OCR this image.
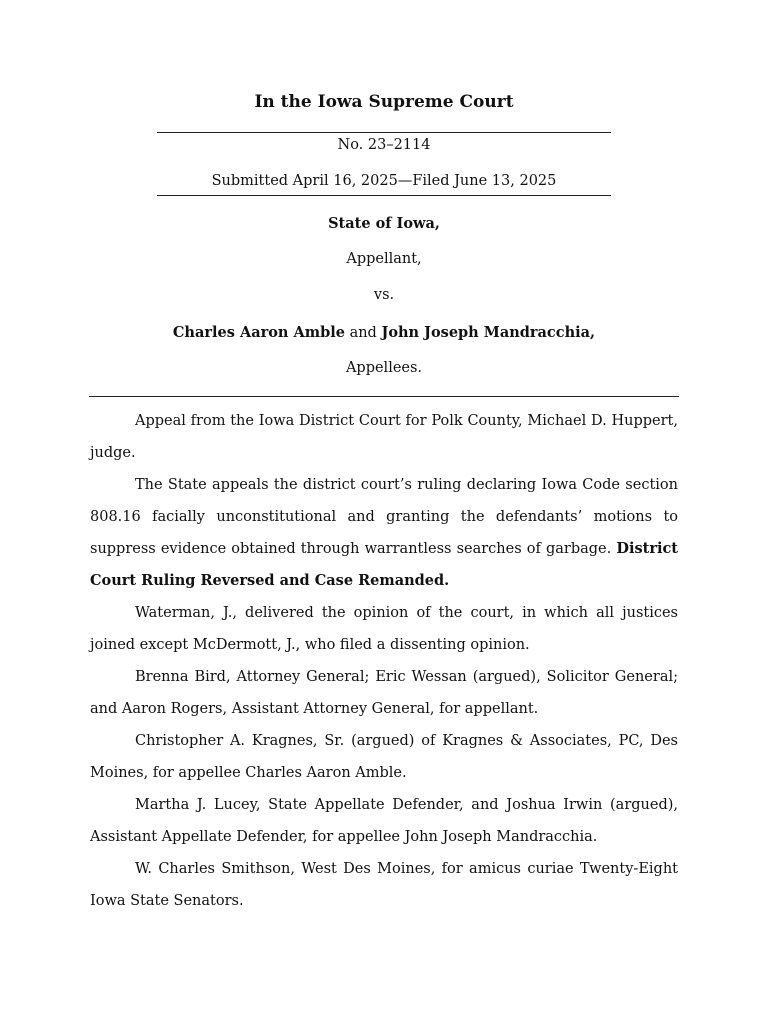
In the Iowa Supreme Court
No. 23–2114
Submitted April 16, 2025—Filed June 13, 2025
State of Iowa,
Appellant,
vs.
Charles Aaron Amble and John Joseph Mandracchia,
Appellees.

Appeal from the Iowa District Court for Polk County, Michael D. Huppert, judge.

The State appeals the district court’s ruling declaring Iowa Code section 808.16 facially unconstitutional and granting the defendants’ motions to suppress evidence obtained through warrantless searches of garbage. District Court Ruling Reversed and Case Remanded.

Waterman, J., delivered the opinion of the court, in which all justices joined except McDermott, J., who filed a dissenting opinion.

Brenna Bird, Attorney General; Eric Wessan (argued), Solicitor General; and Aaron Rogers, Assistant Attorney General, for appellant.

Christopher A. Kragnes, Sr. (argued) of Kragnes & Associates, PC, Des Moines, for appellee Charles Aaron Amble.

Martha J. Lucey, State Appellate Defender, and Joshua Irwin (argued), Assistant Appellate Defender, for appellee John Joseph Mandracchia.

W. Charles Smithson, West Des Moines, for amicus curiae Twenty-Eight Iowa State Senators.
